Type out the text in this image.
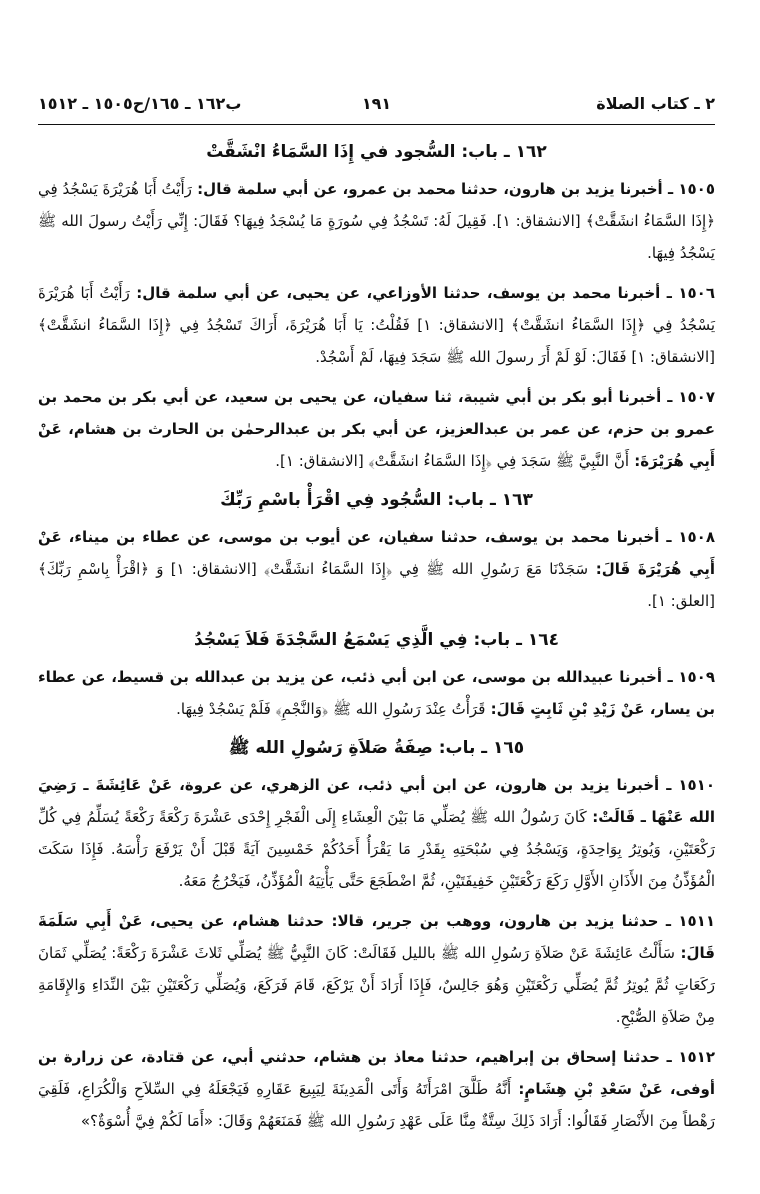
٢ ـ كتاب الصلاة
١٩١
ب١٦٢ ـ ١٦٥/ح١٥٠٥ ـ ١٥١٢
١٦٢ ـ باب: السُّجود في إِذَا السَّمَاءُ انْشَقَّتْ

١٥٠٥ ـ أخبرنا يزيد بن هارون، حدثنا محمد بن عمرو، عن أبي سلمة قال: رَأَيْتُ أَبَا هُرَيْرَةَ يَسْجُدُ فِي ﴿إِذَا السَّمَاءُ انشَقَّتْ﴾ [الانشقاق: ١]. فَقِيلَ لَهُ: تَسْجُدُ فِي سُورَةٍ مَا يُسْجَدُ فِيهَا؟ فَقَالَ: إِنِّي رَأَيْتُ رسولَ الله ﷺ يَسْجُدُ فِيهَا.

١٥٠٦ ـ أخبرنا محمد بن يوسف، حدثنا الأوزاعي، عن يحيى، عن أبي سلمة قال: رَأَيْتُ أَبَا هُرَيْرَةَ يَسْجُدُ فِي ﴿إِذَا السَّمَاءُ انشَقَّتْ﴾ [الانشقاق: ١] فَقُلْتُ: يَا أَبَا هُرَيْرَةَ، أَرَاكَ تَسْجُدُ فِي ﴿إِذَا السَّمَاءُ انشَقَّتْ﴾ [الانشقاق: ١] فَقَالَ: لَوْ لَمْ أَرَ رسولَ الله ﷺ سَجَدَ فِيهَا، لَمْ أَسْجُدْ.

١٥٠٧ ـ أخبرنا أبو بكر بن أبي شيبة، ثنا سفيان، عن يحيى بن سعيد، عن أبي بكر بن محمد بن عمرو بن حزم، عن عمر بن عبدالعزيز، عن أبي بكر بن عبدالرحمٰن بن الحارث بن هشام، عَنْ أَبِي هُرَيْرَةَ: أَنَّ النَّبِيَّ ﷺ سَجَدَ فِي ﴿إِذَا السَّمَاءُ انشَقَّتْ﴾ [الانشقاق: ١].

١٦٣ ـ باب: السُّجُود فِي اقْرَأْ باسْمِ رَبِّكَ

١٥٠٨ ـ أخبرنا محمد بن يوسف، حدثنا سفيان، عن أيوب بن موسى، عن عطاء بن ميناء، عَنْ أَبِي هُرَيْرَةَ قَالَ: سَجَدْنَا مَعَ رَسُولِ الله ﷺ فِي ﴿إِذَا السَّمَاءُ انشَقَّتْ﴾ [الانشقاق: ١] وَ ﴿اقْرَأْ بِاسْمِ رَبِّكَ﴾ [العلق: ١].

١٦٤ ـ باب: فِي الَّذِي يَسْمَعُ السَّجْدَةَ فَلاَ يَسْجُدُ

١٥٠٩ ـ أخبرنا عبيدالله بن موسى، عن ابن أبي ذئب، عن يزيد بن عبدالله بن قسيط، عن عطاء بن يسار، عَنْ زَيْدِ بْنِ ثَابِتٍ قَالَ: قَرَأْتُ عِنْدَ رَسُولِ الله ﷺ ﴿وَالنَّجْمِ﴾ فَلَمْ يَسْجُدْ فِيهَا.

١٦٥ ـ باب: صِفَةُ صَلاَةِ رَسُولِ الله ﷺ

١٥١٠ ـ أخبرنا يزيد بن هارون، عن ابن أبي ذئب، عن الزهري، عن عروة، عَنْ عَائِشَةَ ـ رَضِيَ الله عَنْهَا ـ قَالَتْ: كَانَ رَسُولُ الله ﷺ يُصَلِّي مَا بَيْنَ الْعِشَاءِ إِلَى الْفَجْرِ إِحْدَى عَشْرَةَ رَكْعَةً رَكْعَةً يُسَلِّمُ فِي كُلِّ رَكْعَتَيْنِ، وَيُوتِرُ بِوَاحِدَةٍ، وَيَسْجُدُ فِي سُبْحَتِهِ بِقَدْرِ مَا يَقْرَأُ أَحَدُكُمْ خَمْسِينَ آيَةً قَبْلَ أَنْ يَرْفَعَ رَأْسَهُ. فَإِذَا سَكَتَ الْمُؤَذِّنُ مِنَ الأَذَانِ الأَوَّلِ رَكَعَ رَكْعَتَيْنِ خَفِيفَتَيْنِ، ثُمَّ اضْطَجَعَ حَتَّى يَأْتِيَهُ الْمُؤَذِّنُ، فَيَخْرُجُ مَعَهُ.

١٥١١ ـ حدثنا يزيد بن هارون، ووهب بن جرير، قالا: حدثنا هشام، عن يحيى، عَنْ أَبِي سَلَمَةَ قَالَ: سَأَلْتُ عَائِشَةَ عَنْ صَلاَةِ رَسُولِ الله ﷺ بالليل فَقَالَتْ: كَانَ النَّبِيُّ ﷺ يُصَلِّي ثَلاثَ عَشْرَةَ رَكْعَةً: يُصَلِّي ثَمَانَ رَكَعَاتٍ ثُمَّ يُوتِرُ ثُمَّ يُصَلِّي رَكْعَتَيْنِ وَهُوَ جَالِسٌ، فَإِذَا أَرَادَ أَنْ يَرْكَعَ، قَامَ فَرَكَعَ، وَيُصَلِّي رَكْعَتَيْنِ بَيْنَ النِّدَاءِ وَالإِقَامَةِ مِنْ صَلاَةِ الصُّبْحِ.

١٥١٢ ـ حدثنا إسحاق بن إبراهيم، حدثنا معاذ بن هشام، حدثني أبي، عن قتادة، عن زرارة بن أوفى، عَنْ سَعْدِ بْنِ هِشَامٍ: أَنَّهُ طَلَّقَ امْرَأَتَهُ وَأَتَى الْمَدِينَةَ لِيَبِيعَ عَقَارِهِ فَيَجْعَلَهُ فِي السِّلاَحِ وَالْكُرَاعِ، فَلَقِيَ رَهْطاً مِنَ الأَنْصَارِ فَقَالُوا: أَرَادَ ذَلِكَ سِتَّةٌ مِنَّا عَلَى عَهْدِ رَسُولِ الله ﷺ فَمَنَعَهُمْ وَقَالَ: «أَمَا لَكُمْ فِيَّ أُسْوَةٌ؟»
